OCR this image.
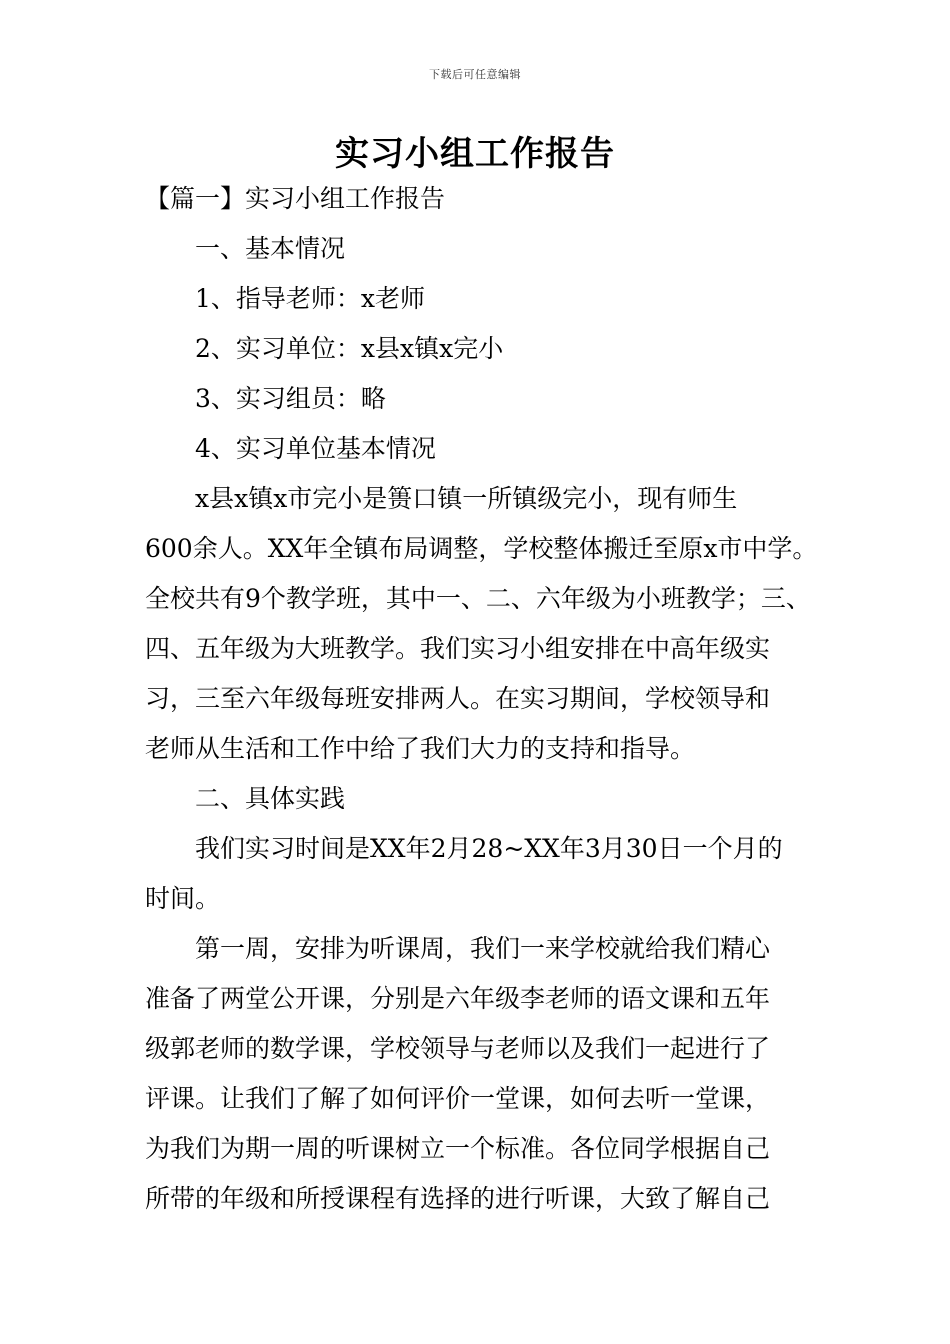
下载后可任意编辑
实习小组工作报告
【篇一】实习小组工作报告
一、基本情况
1、指导老师：x老师
2、实习单位：x县x镇x完小
3、实习组员：略
4、实习单位基本情况
x县x镇x市完小是篑口镇一所镇级完小，现有师生
600余人。XX年全镇布局调整，学校整体搬迁至原x市中学。
全校共有9个教学班，其中一、二、六年级为小班教学；三、
四、五年级为大班教学。我们实习小组安排在中高年级实
习，三至六年级每班安排两人。在实习期间，学校领导和
老师从生活和工作中给了我们大力的支持和指导。
二、具体实践
我们实习时间是XX年2月28~XX年3月30日一个月的
时间。
第一周，安排为听课周，我们一来学校就给我们精心
准备了两堂公开课，分别是六年级李老师的语文课和五年
级郭老师的数学课，学校领导与老师以及我们一起进行了
评课。让我们了解了如何评价一堂课，如何去听一堂课，
为我们为期一周的听课树立一个标准。各位同学根据自己
所带的年级和所授课程有选择的进行听课，大致了解自己
